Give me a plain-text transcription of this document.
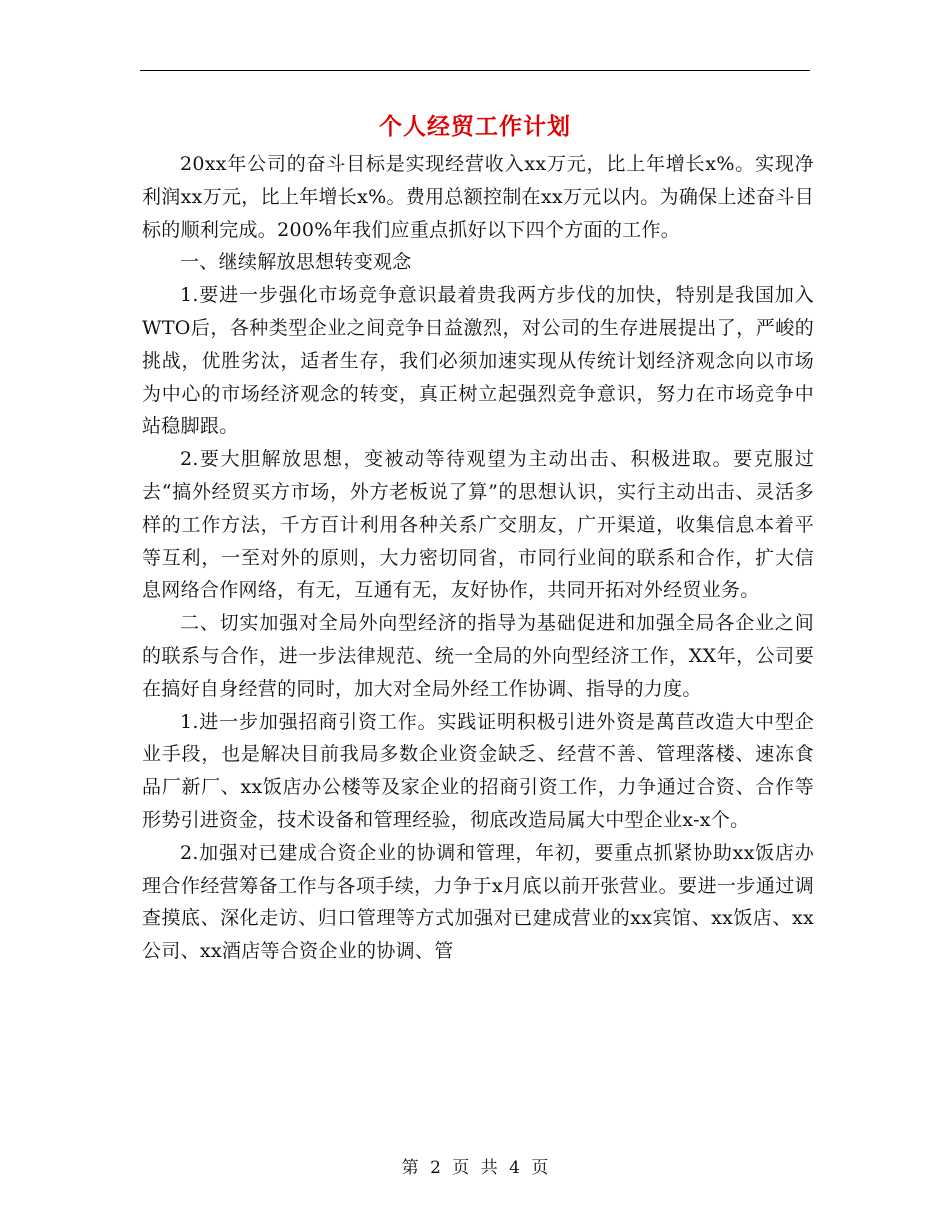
个人经贸工作计划

20xx年公司的奋斗目标是实现经营收入xx万元，比上年增长x%。实现净利润xx万元，比上年增长x%。费用总额控制在xx万元以内。为确保上述奋斗目标的顺利完成。200%年我们应重点抓好以下四个方面的工作。

一、继续解放思想转变观念

1.要进一步强化市场竞争意识最着贵我两方步伐的加快，特别是我国加入WTO后，各种类型企业之间竞争日益激烈，对公司的生存进展提出了，严峻的挑战，优胜劣汰，适者生存，我们必须加速实现从传统计划经济观念向以市场为中心的市场经济观念的转变，真正树立起强烈竞争意识，努力在市场竞争中站稳脚跟。

2.要大胆解放思想，变被动等待观望为主动出击、积极进取。要克服过去“搞外经贸买方市场，外方老板说了算”的思想认识，实行主动出击、灵活多样的工作方法，千方百计利用各种关系广交朋友，广开渠道，收集信息本着平等互利，一至对外的原则，大力密切同省，市同行业间的联系和合作，扩大信息网络合作网络，有无，互通有无，友好协作，共同开拓对外经贸业务。

二、切实加强对全局外向型经济的指导为基础促进和加强全局各企业之间的联系与合作，进一步法律规范、统一全局的外向型经济工作，XX年，公司要在搞好自身经营的同时，加大对全局外经工作协调、指导的力度。

1.进一步加强招商引资工作。实践证明积极引进外资是萬苣改造大中型企业手段，也是解决目前我局多数企业资金缺乏、经营不善、管理落楼、速冻食品厂新厂、xx饭店办公楼等及家企业的招商引资工作，力争通过合资、合作等形势引进资金，技术设备和管理经验，彻底改造局属大中型企业x-x个。

2.加强对已建成合资企业的协调和管理，年初，要重点抓紧协助xx饭店办理合作经营筹备工作与各项手续，力争于x月底以前开张营业。要进一步通过调查摸底、深化走访、归口管理等方式加强对已建成营业的xx宾馆、xx饭店、xx公司、xx酒店等合资企业的协调、管

第 2 页 共 4 页
